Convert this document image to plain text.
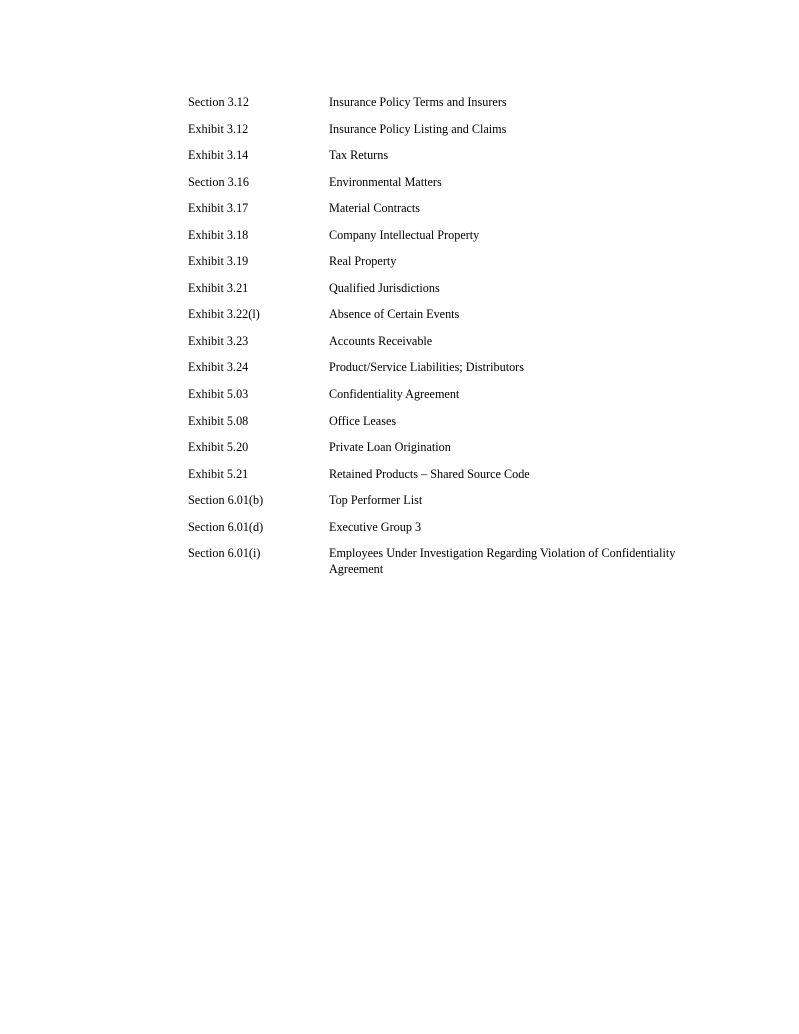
Section 3.12	Insurance Policy Terms and Insurers
Exhibit 3.12	Insurance Policy Listing and Claims
Exhibit 3.14	Tax Returns
Section 3.16	Environmental Matters
Exhibit 3.17	Material Contracts
Exhibit 3.18	Company Intellectual Property
Exhibit 3.19	Real Property
Exhibit 3.21	Qualified Jurisdictions
Exhibit 3.22(l)	Absence of Certain Events
Exhibit 3.23	Accounts Receivable
Exhibit 3.24	Product/Service Liabilities; Distributors
Exhibit 5.03	Confidentiality Agreement
Exhibit 5.08	Office Leases
Exhibit 5.20	Private Loan Origination
Exhibit 5.21	Retained Products – Shared Source Code
Section 6.01(b)	Top Performer List
Section 6.01(d)	Executive Group 3
Section 6.01(i)	Employees Under Investigation Regarding Violation of Confidentiality Agreement
